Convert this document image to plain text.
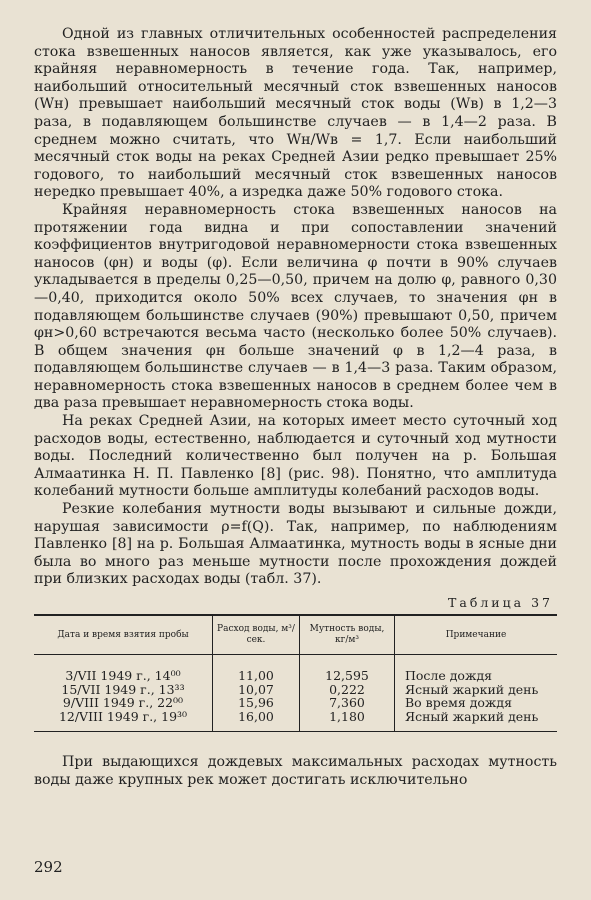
Одной из главных отличительных особенностей распределения стока взвешенных наносов является, как уже указывалось, его крайняя неравномерность в течение года. Так, например, наибольший относительный месячный сток взвешенных наносов (Wн) превышает наибольший месячный сток воды (Wв) в 1,2—3 раза, в подавляющем большинстве случаев — в 1,4—2 раза. В среднем можно считать, что Wн/Wв = 1,7. Если наибольший месячный сток воды на реках Средней Азии редко превышает 25% годового, то наибольший месячный сток взвешенных наносов нередко превышает 40%, а изредка даже 50% годового стока.

Крайняя неравномерность стока взвешенных наносов на протяжении года видна и при сопоставлении значений коэффициентов внутригодовой неравномерности стока взвешенных наносов (φн) и воды (φ). Если величина φ почти в 90% случаев укладывается в пределы 0,25—0,50, причем на долю φ, равного 0,30—0,40, приходится около 50% всех случаев, то значения φн в подавляющем большинстве случаев (90%) превышают 0,50, причем φн>0,60 встречаются весьма часто (несколько более 50% случаев). В общем значения φн больше значений φ в 1,2—4 раза, в подавляющем большинстве случаев — в 1,4—3 раза. Таким образом, неравномерность стока взвешенных наносов в среднем более чем в два раза превышает неравномерность стока воды.

На реках Средней Азии, на которых имеет место суточный ход расходов воды, естественно, наблюдается и суточный ход мутности воды. Последний количественно был получен на р. Большая Алмаатинка Н. П. Павленко [8] (рис. 98). Понятно, что амплитуда колебаний мутности больше амплитуды колебаний расходов воды.

Резкие колебания мутности воды вызывают и сильные дожди, нарушая зависимости ρ=f(Q). Так, например, по наблюдениям Павленко [8] на р. Большая Алмаатинка, мутность воды в ясные дни была во много раз меньше мутности после прохождения дождей при близких расходах воды (табл. 37).

Таблица 37
Дата и время взятия пробы	Расход воды, м³/сек.	Мутность воды, кг/м³	Примечание
3/VII 1949 г., 14⁰⁰	11,00	12,595	После дождя
15/VII 1949 г., 13³³	10,07	0,222	Ясный жаркий день
9/VIII 1949 г., 22⁰⁰	15,96	7,360	Во время дождя
12/VIII 1949 г., 19³⁰	16,00	1,180	Ясный жаркий день

При выдающихся дождевых максимальных расходах мутность воды даже крупных рек может достигать исключительно

292
